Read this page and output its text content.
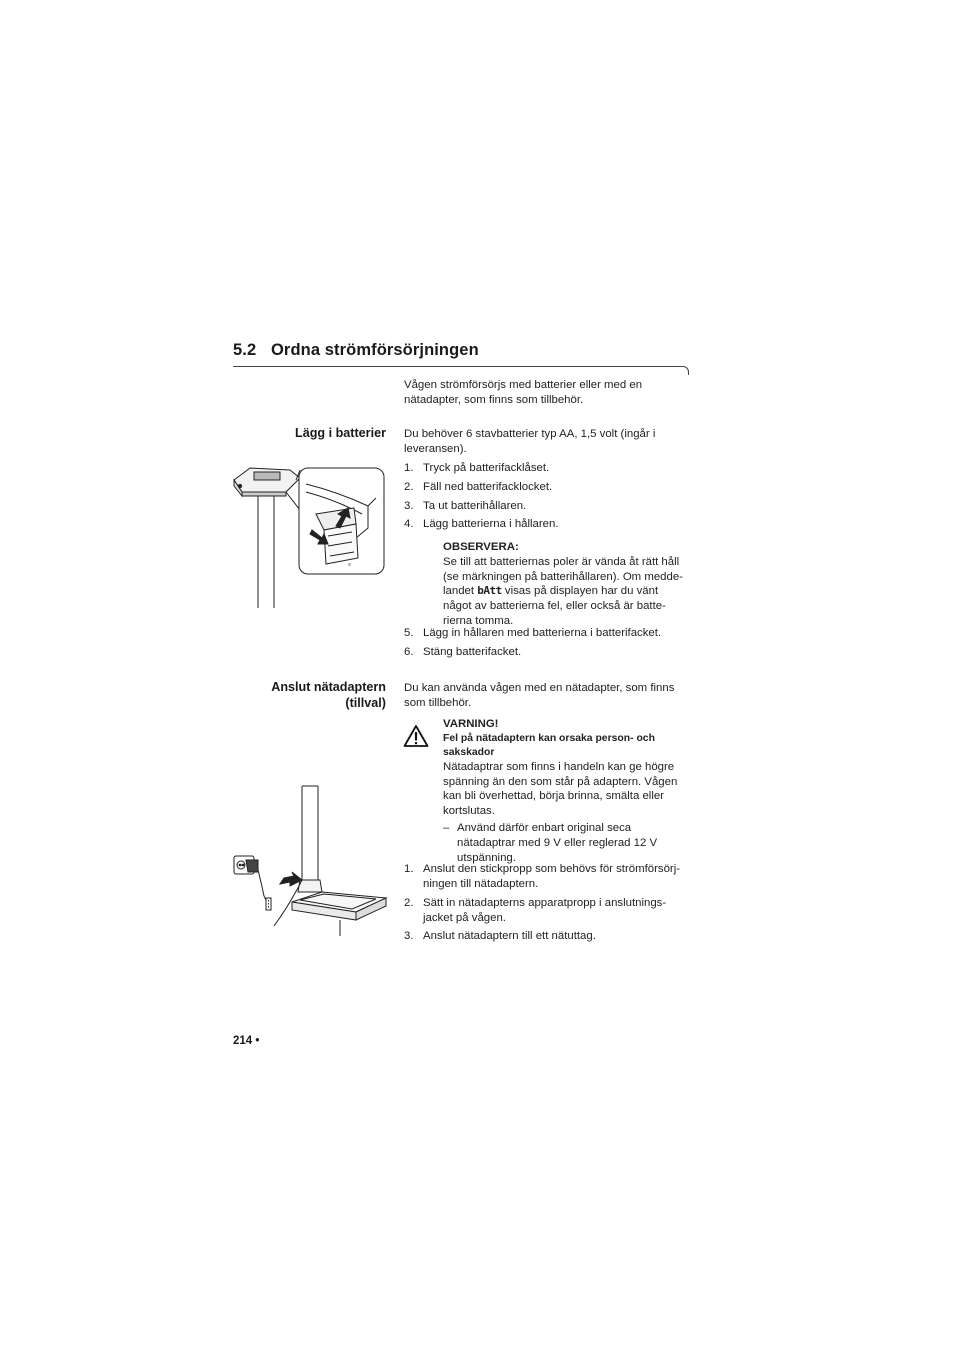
5.2 Ordna strömförsörjningen
Vågen strömförsörjs med batterier eller med en
nätadapter, som finns som tillbehör.
Lägg i batterier Du behöver 6 stavbatterier typ AA, 1,5 volt (ingår i
leveransen).
1. Tryck på batterifacklåset.
2. Fäll ned batterifacklocket.
3. Ta ut batterihållaren.
4. Lägg batterierna i hållaren.
OBSERVERA:
Se till att batteriernas poler är vända åt rätt håll
(se märkningen på batterihållaren). Om medde-
landet bAtt visas på displayen har du vänt
något av batterierna fel, eller också är batte-
rierna tomma.
5. Lägg in hållaren med batterierna i batterifacket.
6. Stäng batterifacket.
≡
Anslut nätadaptern
(tillval)
Du kan använda vågen med en nätadapter, som finns
som tillbehör.
VARNING!
Fel på nätadaptern kan orsaka person- och
sakskador
Nätadaptrar som finns i handeln kan ge högre
spänning än den som står på adaptern. Vågen
kan bli överhettad, börja brinna, smälta eller
kortslutas.
– Använd därför enbart original seca
nätadaptrar med 9 V eller reglerad 12 V
utspänning.
1. Anslut den stickpropp som behövs för strömförsörj-
ningen till nätadaptern.
2. Sätt in nätadapterns apparatpropp i anslutnings-
jacket på vågen.
3. Anslut nätadaptern till ett nätuttag.
214 •
